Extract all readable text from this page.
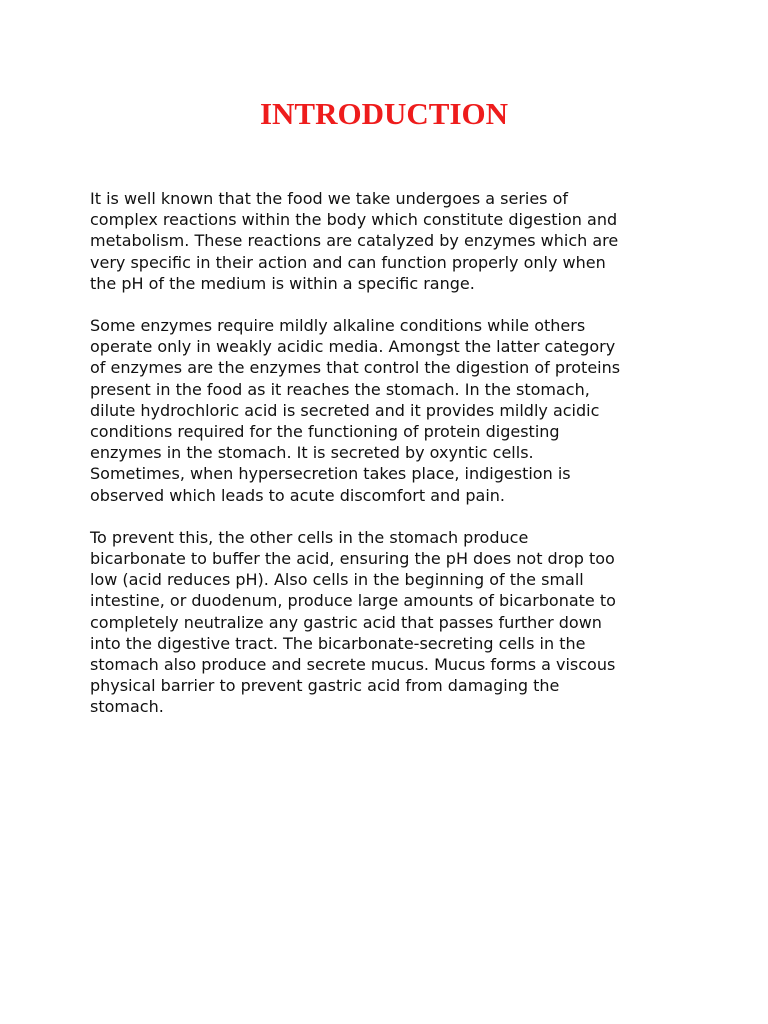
INTRODUCTION

It is well known that the food we take undergoes a series of
complex reactions within the body which constitute digestion and
metabolism. These reactions are catalyzed by enzymes which are
very specific in their action and can function properly only when
the pH of the medium is within a specific range.

Some enzymes require mildly alkaline conditions while others
operate only in weakly acidic media. Amongst the latter category
of enzymes are the enzymes that control the digestion of proteins
present in the food as it reaches the stomach. In the stomach,
dilute hydrochloric acid is secreted and it provides mildly acidic
conditions required for the functioning of protein digesting
enzymes in the stomach. It is secreted by oxyntic cells.
Sometimes, when hypersecretion takes place, indigestion is
observed which leads to acute discomfort and pain.

To prevent this, the other cells in the stomach produce
bicarbonate to buffer the acid, ensuring the pH does not drop too
low (acid reduces pH). Also cells in the beginning of the small
intestine, or duodenum, produce large amounts of bicarbonate to
completely neutralize any gastric acid that passes further down
into the digestive tract. The bicarbonate-secreting cells in the
stomach also produce and secrete mucus. Mucus forms a viscous
physical barrier to prevent gastric acid from damaging the
stomach.
